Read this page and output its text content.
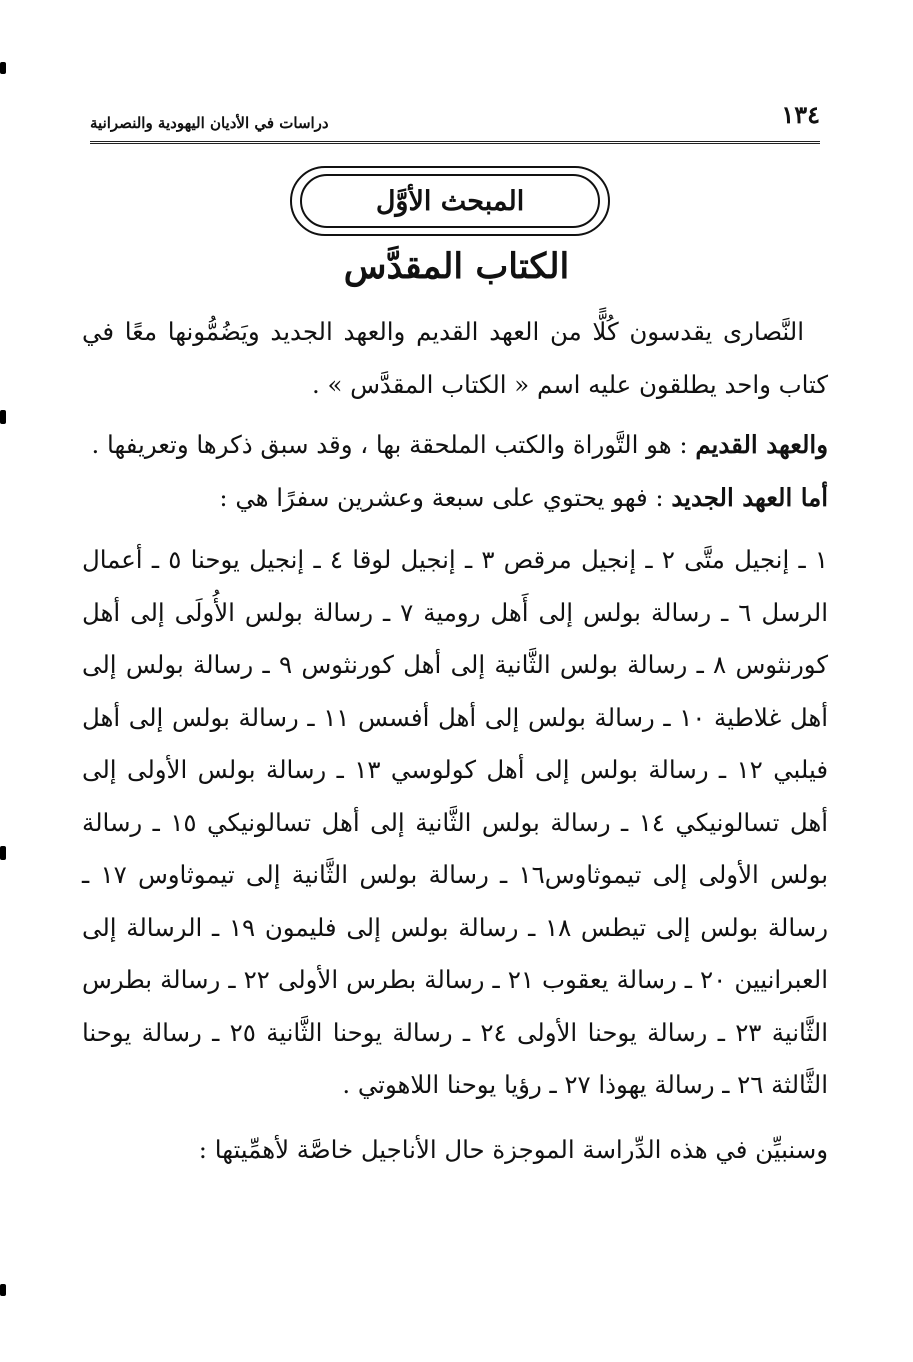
١٣٤
دراسات في الأديان اليهودية والنصرانية
المبحث الأوَّل
الكتاب المقدَّس

النَّصارى يقدسون كُلًّا من العهد القديم والعهد الجديد ويَضُمُّونها معًا في كتاب واحد يطلقون عليه اسم « الكتاب المقدَّس » .

والعهد القديم : هو التَّوراة والكتب الملحقة بها ، وقد سبق ذكرها وتعريفها .

أما العهد الجديد : فهو يحتوي على سبعة وعشرين سفرًا هي :

١ ـ إنجيل متَّى ٢ ـ إنجيل مرقص ٣ ـ إنجيل لوقا ٤ ـ إنجيل يوحنا ٥ ـ أعمال الرسل ٦ ـ رسالة بولس إلى أَهل رومية ٧ ـ رسالة بولس الأُولَى إلى أهل كورنثوس ٨ ـ رسالة بولس الثَّانية إلى أهل كورنثوس ٩ ـ رسالة بولس إلى أهل غلاطية ١٠ ـ رسالة بولس إلى أهل أفسس ١١ ـ رسالة بولس إلى أهل فيلبي ١٢ ـ رسالة بولس إلى أهل كولوسي ١٣ ـ رسالة بولس الأولى إلى أهل تسالونيكي ١٤ ـ رسالة بولس الثَّانية إلى أهل تسالونيكي ١٥ ـ رسالة بولس الأولى إلى تيموثاوس١٦ ـ رسالة بولس الثَّانية إلى تيموثاوس ١٧ ـ رسالة بولس إلى تيطس ١٨ ـ رسالة بولس إلى فليمون ١٩ ـ الرسالة إلى العبرانيين ٢٠ ـ رسالة يعقوب ٢١ ـ رسالة بطرس الأولى ٢٢ ـ رسالة بطرس الثَّانية ٢٣ ـ رسالة يوحنا الأولى ٢٤ ـ رسالة يوحنا الثَّانية ٢٥ ـ رسالة يوحنا الثَّالثة ٢٦ ـ رسالة يهوذا ٢٧ ـ رؤيا يوحنا اللاهوتي .

وسنبيِّن في هذه الدِّراسة الموجزة حال الأناجيل خاصَّة لأهمِّيتها :
